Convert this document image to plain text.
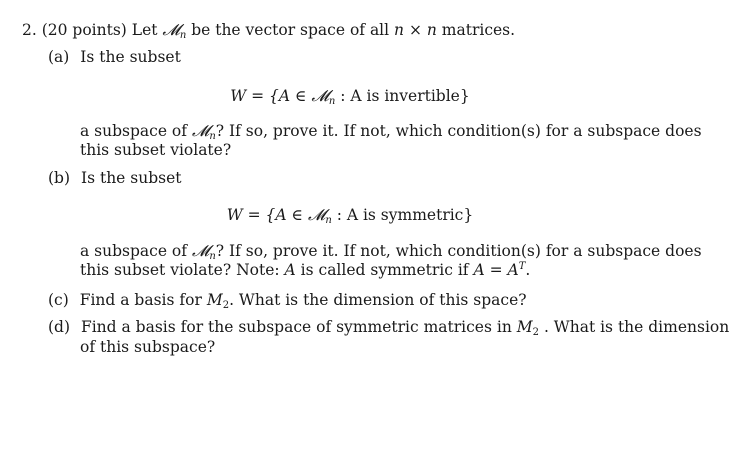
2. (20 points) Let 𝓜$_n$ be the vector space of all n × n matrices.
(a) Is the subset
W = {A ∈ 𝓜$_n$ : A is invertible}
a subspace of 𝓜$_n$? If so, prove it. If not, which condition(s) for a subspace does
this subset violate?
(b) Is the subset
W = {A ∈ 𝓜$_n$ : A is symmetric}
a subspace of 𝓜$_n$? If so, prove it. If not, which condition(s) for a subspace does
this subset violate? Note: A is called symmetric if $A = A^T$.
(c) Find a basis for $M_2$. What is the dimension of this space?
(d) Find a basis for the subspace of symmetric matrices in $M_2$ . What is the dimension
of this subspace?
